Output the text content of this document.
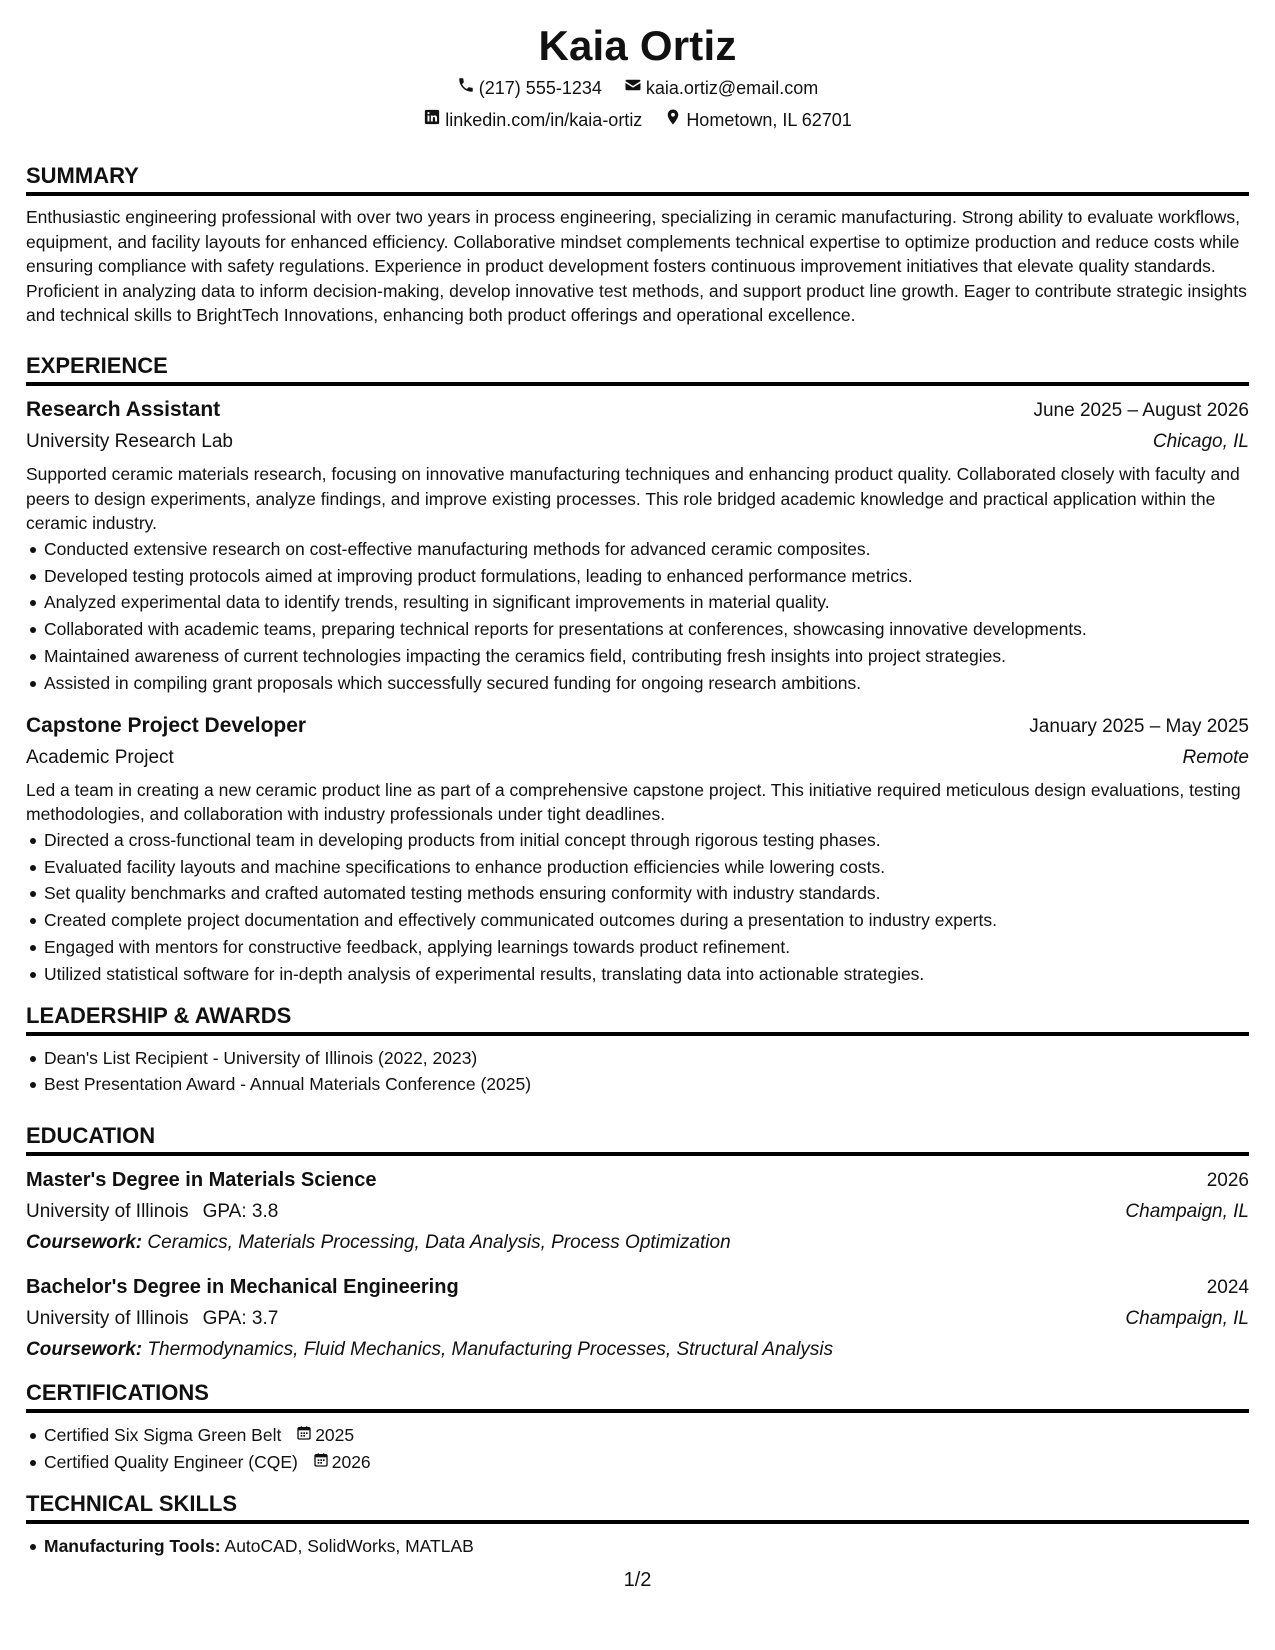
Kaia Ortiz
(217) 555-1234 kaia.ortiz@email.com
linkedin.com/in/kaia-ortiz Hometown, IL 62701
SUMMARY

Enthusiastic engineering professional with over two years in process engineering, specializing in ceramic manufacturing. Strong ability to evaluate workflows, equipment, and facility layouts for enhanced efficiency. Collaborative mindset complements technical expertise to optimize production and reduce costs while ensuring compliance with safety regulations. Experience in product development fosters continuous improvement initiatives that elevate quality standards. Proficient in analyzing data to inform decision-making, develop innovative test methods, and support product line growth. Eager to contribute strategic insights and technical skills to BrightTech Innovations, enhancing both product offerings and operational excellence.

EXPERIENCE
Research Assistant	June 2025 – August 2026
University Research Lab	Chicago, IL
Supported ceramic materials research, focusing on innovative manufacturing techniques and enhancing product quality. Collaborated closely with faculty and peers to design experiments, analyze findings, and improve existing processes. This role bridged academic knowledge and practical application within the ceramic industry.
Conducted extensive research on cost-effective manufacturing methods for advanced ceramic composites.
Developed testing protocols aimed at improving product formulations, leading to enhanced performance metrics.
Analyzed experimental data to identify trends, resulting in significant improvements in material quality.
Collaborated with academic teams, preparing technical reports for presentations at conferences, showcasing innovative developments.
Maintained awareness of current technologies impacting the ceramics field, contributing fresh insights into project strategies.
Assisted in compiling grant proposals which successfully secured funding for ongoing research ambitions.
Capstone Project Developer	January 2025 – May 2025
Academic Project	Remote
Led a team in creating a new ceramic product line as part of a comprehensive capstone project. This initiative required meticulous design evaluations, testing methodologies, and collaboration with industry professionals under tight deadlines.
Directed a cross-functional team in developing products from initial concept through rigorous testing phases.
Evaluated facility layouts and machine specifications to enhance production efficiencies while lowering costs.
Set quality benchmarks and crafted automated testing methods ensuring conformity with industry standards.
Created complete project documentation and effectively communicated outcomes during a presentation to industry experts.
Engaged with mentors for constructive feedback, applying learnings towards product refinement.
Utilized statistical software for in-depth analysis of experimental results, translating data into actionable strategies.
LEADERSHIP & AWARDS
Dean's List Recipient - University of Illinois (2022, 2023)
Best Presentation Award - Annual Materials Conference (2025)
EDUCATION
Master's Degree in Materials Science	2026
University of Illinois GPA: 3.8	Champaign, IL
Coursework: Ceramics, Materials Processing, Data Analysis, Process Optimization
Bachelor's Degree in Mechanical Engineering	2024
University of Illinois GPA: 3.7	Champaign, IL
Coursework: Thermodynamics, Fluid Mechanics, Manufacturing Processes, Structural Analysis
CERTIFICATIONS
Certified Six Sigma Green Belt 2025
Certified Quality Engineer (CQE) 2026
TECHNICAL SKILLS
Manufacturing Tools: AutoCAD, SolidWorks, MATLAB
1/2
